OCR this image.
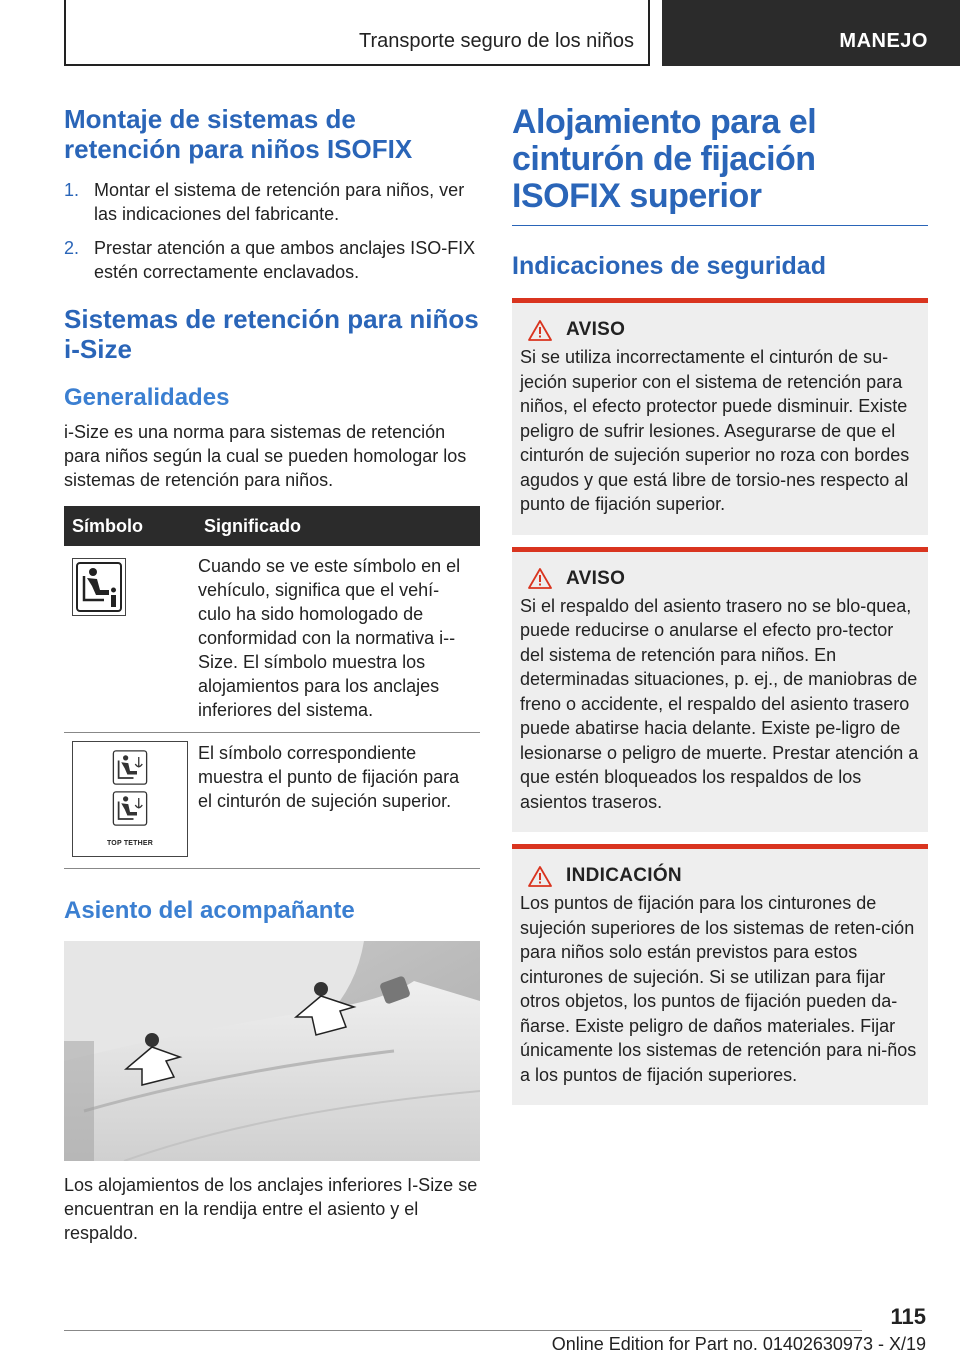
Transporte seguro de los niños	MANEJO
Montaje de sistemas de retención para niños ISOFIX
1. Montar el sistema de retención para niños, ver las indicaciones del fabricante.
2. Prestar atención a que ambos anclajes ISO‐FIX estén correctamente enclavados.
Sistemas de retención para niños i-Size
Generalidades

i-Size es una norma para sistemas de retención para niños según la cual se pueden homologar los sistemas de retención para niños.

Símbolo	Significado

	Cuando se ve este símbolo en el vehículo, significa que el vehí‐culo ha sido homologado de conformidad con la normativa i-‐Size. El símbolo muestra los alojamientos para los anclajes inferiores del sistema.

TOP TETHER	El símbolo correspondiente muestra el punto de fijación para el cinturón de sujeción superior.
Asiento del acompañante

Los alojamientos de los anclajes inferiores I-Size se encuentran en la rendija entre el asiento y el respaldo.

Alojamiento para el cinturón de fijación ISOFIX superior
Indicaciones de seguridad
AVISO

Si se utiliza incorrectamente el cinturón de su‐jeción superior con el sistema de retención para niños, el efecto protector puede disminuir. Existe peligro de sufrir lesiones. Asegurarse de que el cinturón de sujeción superior no roza con bordes agudos y que está libre de torsio‐nes respecto al punto de fijación superior.

AVISO

Si el respaldo del asiento trasero no se blo‐quea, puede reducirse o anularse el efecto pro‐tector del sistema de retención para niños. En determinadas situaciones, p. ej., de maniobras de freno o accidente, el respaldo del asiento trasero puede abatirse hacia delante. Existe pe‐ligro de lesionarse o peligro de muerte. Prestar atención a que estén bloqueados los respaldos de los asientos traseros.

INDICACIÓN

Los puntos de fijación para los cinturones de sujeción superiores de los sistemas de reten‐ción para niños solo están previstos para estos cinturones de sujeción. Si se utilizan para fijar otros objetos, los puntos de fijación pueden da‐ñarse. Existe peligro de daños materiales. Fijar únicamente los sistemas de retención para ni‐ños a los puntos de fijación superiores.

115
Online Edition for Part no. 01402630973 - X/19
